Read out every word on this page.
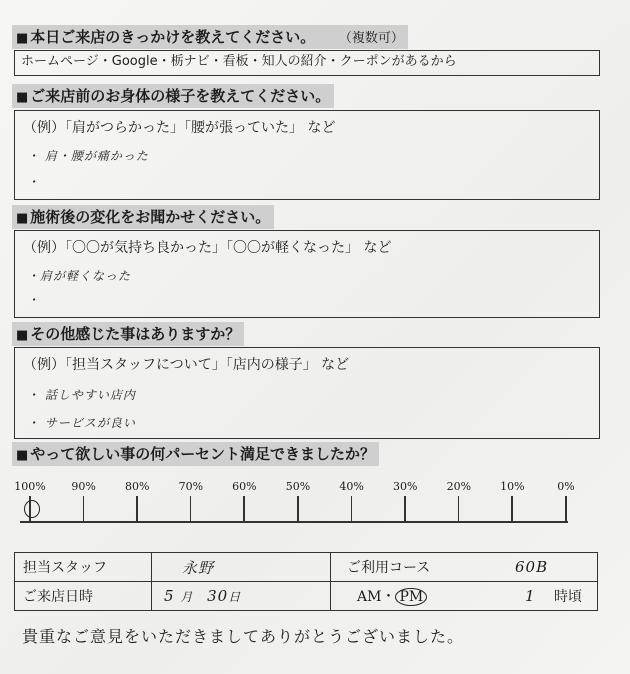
■ 本日ご来店のきっかけを教えてください。 （複数可）
ホームページ・Google・栃ナビ・看板・知人の紹介・クーポンがあるから
■ ご来店前のお身体の様子を教えてください。
（例）「肩がつらかった」「腰が張っていた」 など
・ 肩・腰が痛かった
・
■ 施術後の変化をお聞かせください。
（例）「〇〇が気持ち良かった」「〇〇が軽くなった」 など
・肩が軽くなった
・
■ その他感じた事はありますか？
（例）「担当スタッフについて」「店内の様子」 など
・ 話しやすい店内
・ サービスが良い
■ やって欲しい事の何パーセント満足できましたか？
100% 90%	80%	70%	60%	50%	40%	30%	20%	10%	0%
担当スタッフ	永野	ご利用コース	60B
ご来店日時	5 月 30日	AM・ PM	1 時頃
貴重なご意見をいただきましてありがとうございました。
